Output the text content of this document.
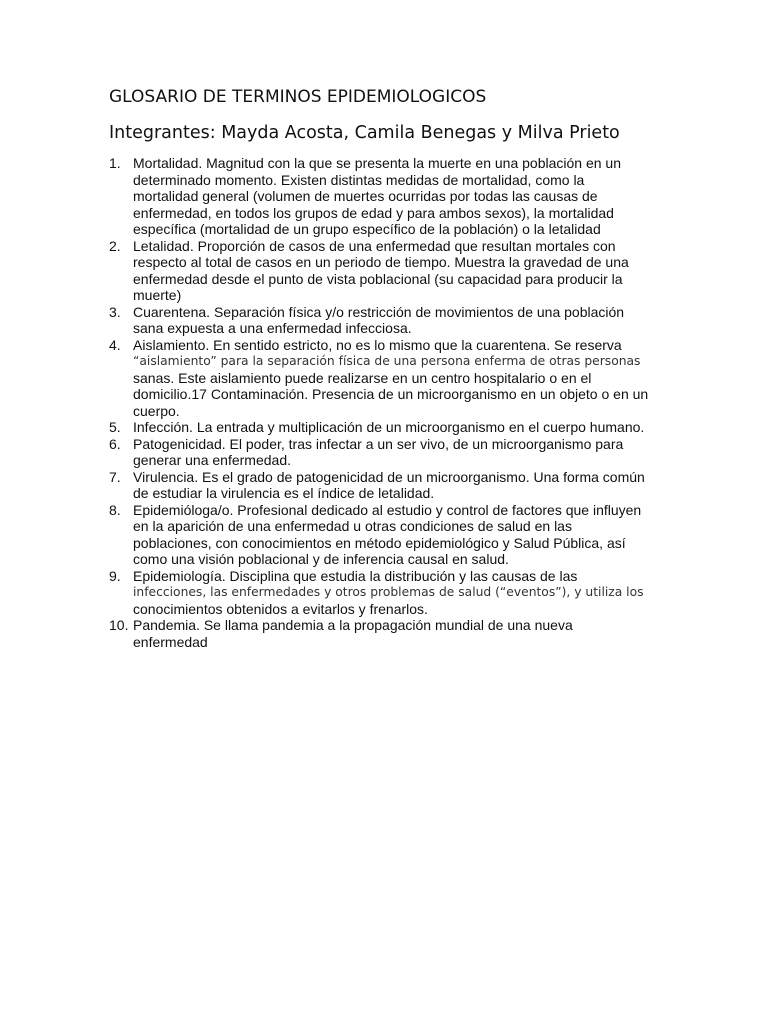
GLOSARIO DE TERMINOS EPIDEMIOLOGICOS
Integrantes: Mayda Acosta, Camila Benegas y Milva Prieto
1. Mortalidad. Magnitud con la que se presenta la muerte en una población en un
determinado momento. Existen distintas medidas de mortalidad, como la
mortalidad general (volumen de muertes ocurridas por todas las causas de
enfermedad, en todos los grupos de edad y para ambos sexos), la mortalidad
específica (mortalidad de un grupo específico de la población) o la letalidad
2. Letalidad. Proporción de casos de una enfermedad que resultan mortales con
respecto al total de casos en un periodo de tiempo. Muestra la gravedad de una
enfermedad desde el punto de vista poblacional (su capacidad para producir la
muerte)
3. Cuarentena. Separación física y/o restricción de movimientos de una población
sana expuesta a una enfermedad infecciosa.
4. Aislamiento. En sentido estricto, no es lo mismo que la cuarentena. Se reserva
“aislamiento” para la separación física de una persona enferma de otras personas
sanas. Este aislamiento puede realizarse en un centro hospitalario o en el
domicilio.17 Contaminación. Presencia de un microorganismo en un objeto o en un
cuerpo.
5. Infección. La entrada y multiplicación de un microorganismo en el cuerpo humano.
6. Patogenicidad. El poder, tras infectar a un ser vivo, de un microorganismo para
generar una enfermedad.
7. Virulencia. Es el grado de patogenicidad de un microorganismo. Una forma común
de estudiar la virulencia es el índice de letalidad.
8. Epidemióloga/o. Profesional dedicado al estudio y control de factores que influyen
en la aparición de una enfermedad u otras condiciones de salud en las
poblaciones, con conocimientos en método epidemiológico y Salud Pública, así
como una visión poblacional y de inferencia causal en salud.
9. Epidemiología. Disciplina que estudia la distribución y las causas de las
infecciones, las enfermedades y otros problemas de salud (“eventos”), y utiliza los
conocimientos obtenidos a evitarlos y frenarlos.
10. Pandemia. Se llama pandemia a la propagación mundial de una nueva
enfermedad
